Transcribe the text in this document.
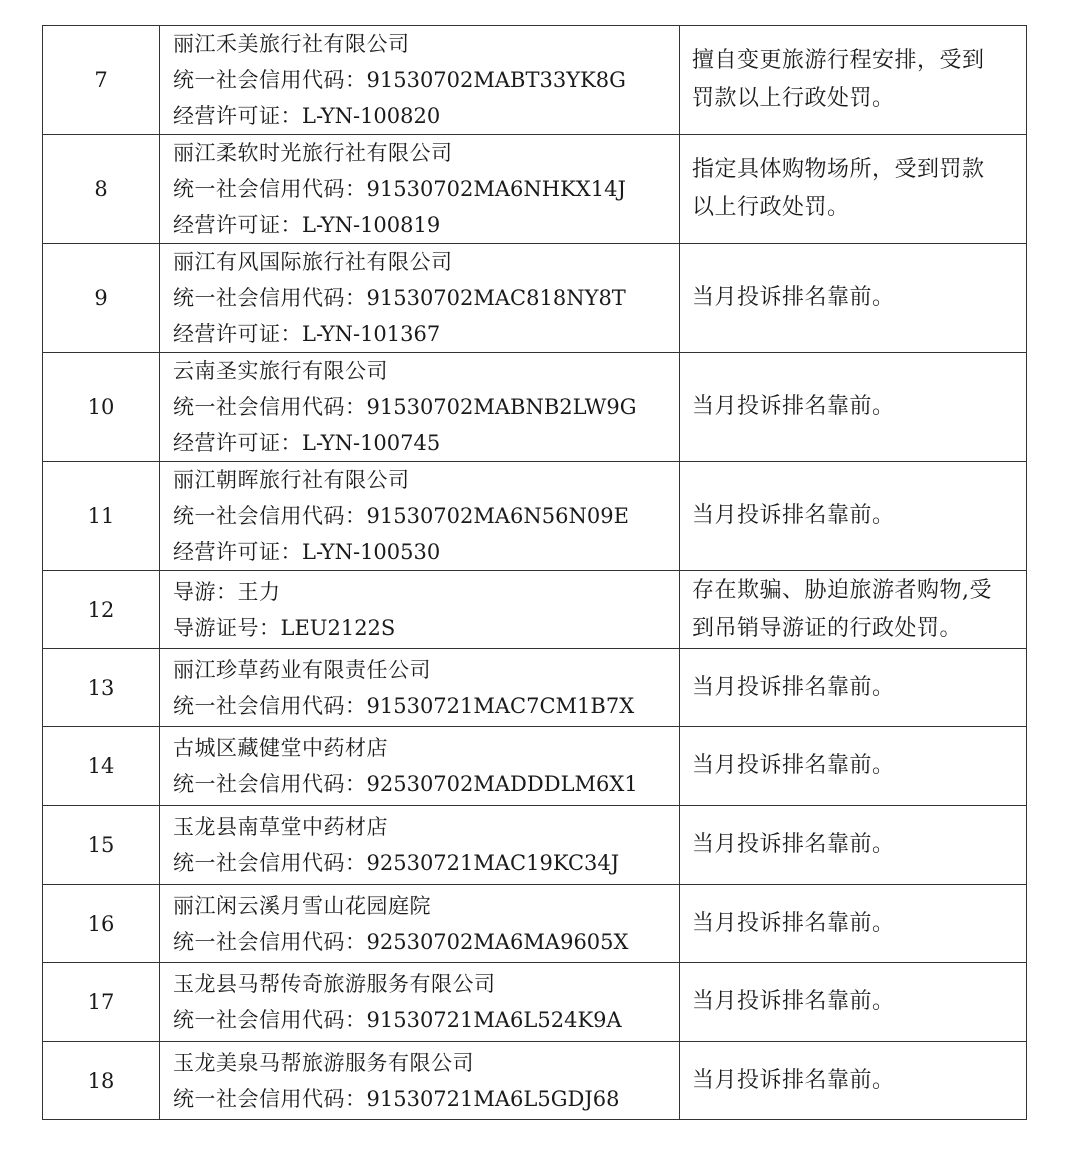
7	丽江禾美旅行社有限公司
统一社会信用代码：91530702MABT33YK8G
经营许可证：L-YN-100820	擅自变更旅游行程安排，受到
罚款以上行政处罚。

8	丽江柔软时光旅行社有限公司
统一社会信用代码：91530702MA6NHKX14J
经营许可证：L-YN-100819	指定具体购物场所，受到罚款
以上行政处罚。

9	丽江有风国际旅行社有限公司
统一社会信用代码：91530702MAC818NY8T
经营许可证：L-YN-101367	当月投诉排名靠前。

10	云南圣实旅行有限公司
统一社会信用代码：91530702MABNB2LW9G
经营许可证：L-YN-100745	当月投诉排名靠前。

11	丽江朝晖旅行社有限公司
统一社会信用代码：91530702MA6N56N09E
经营许可证：L-YN-100530	当月投诉排名靠前。

12	导游：王力
导游证号：LEU2122S	存在欺骗、胁迫旅游者购物,受
到吊销导游证的行政处罚。

13	丽江珍草药业有限责任公司
统一社会信用代码：91530721MAC7CM1B7X	当月投诉排名靠前。

14	古城区藏健堂中药材店
统一社会信用代码：92530702MADDDLM6X1	当月投诉排名靠前。

15	玉龙县南草堂中药材店
统一社会信用代码：92530721MAC19KC34J	当月投诉排名靠前。

16	丽江闲云溪月雪山花园庭院
统一社会信用代码：92530702MA6MA9605X	当月投诉排名靠前。

17	玉龙县马帮传奇旅游服务有限公司
统一社会信用代码：91530721MA6L524K9A	当月投诉排名靠前。

18	玉龙美泉马帮旅游服务有限公司
统一社会信用代码：91530721MA6L5GDJ68	当月投诉排名靠前。
